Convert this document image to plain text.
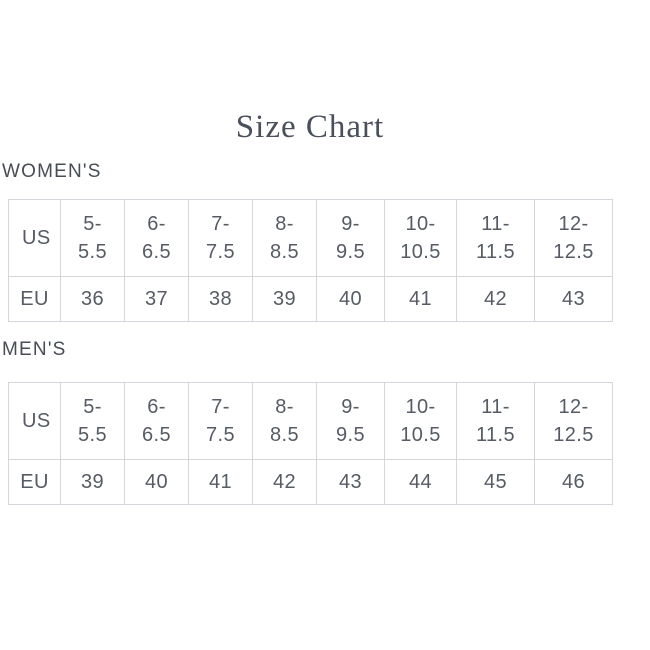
Size Chart
WOMEN'S
US	5-5.5	6-6.5	7-7.5	8-8.5	9-9.5	10-10.5	11-11.5	12-12.5
EU	36	37	38	39	40	41	42	43
MEN'S
US	5-5.5	6-6.5	7-7.5	8-8.5	9-9.5	10-10.5	11-11.5	12-12.5
EU	39	40	41	42	43	44	45	46
